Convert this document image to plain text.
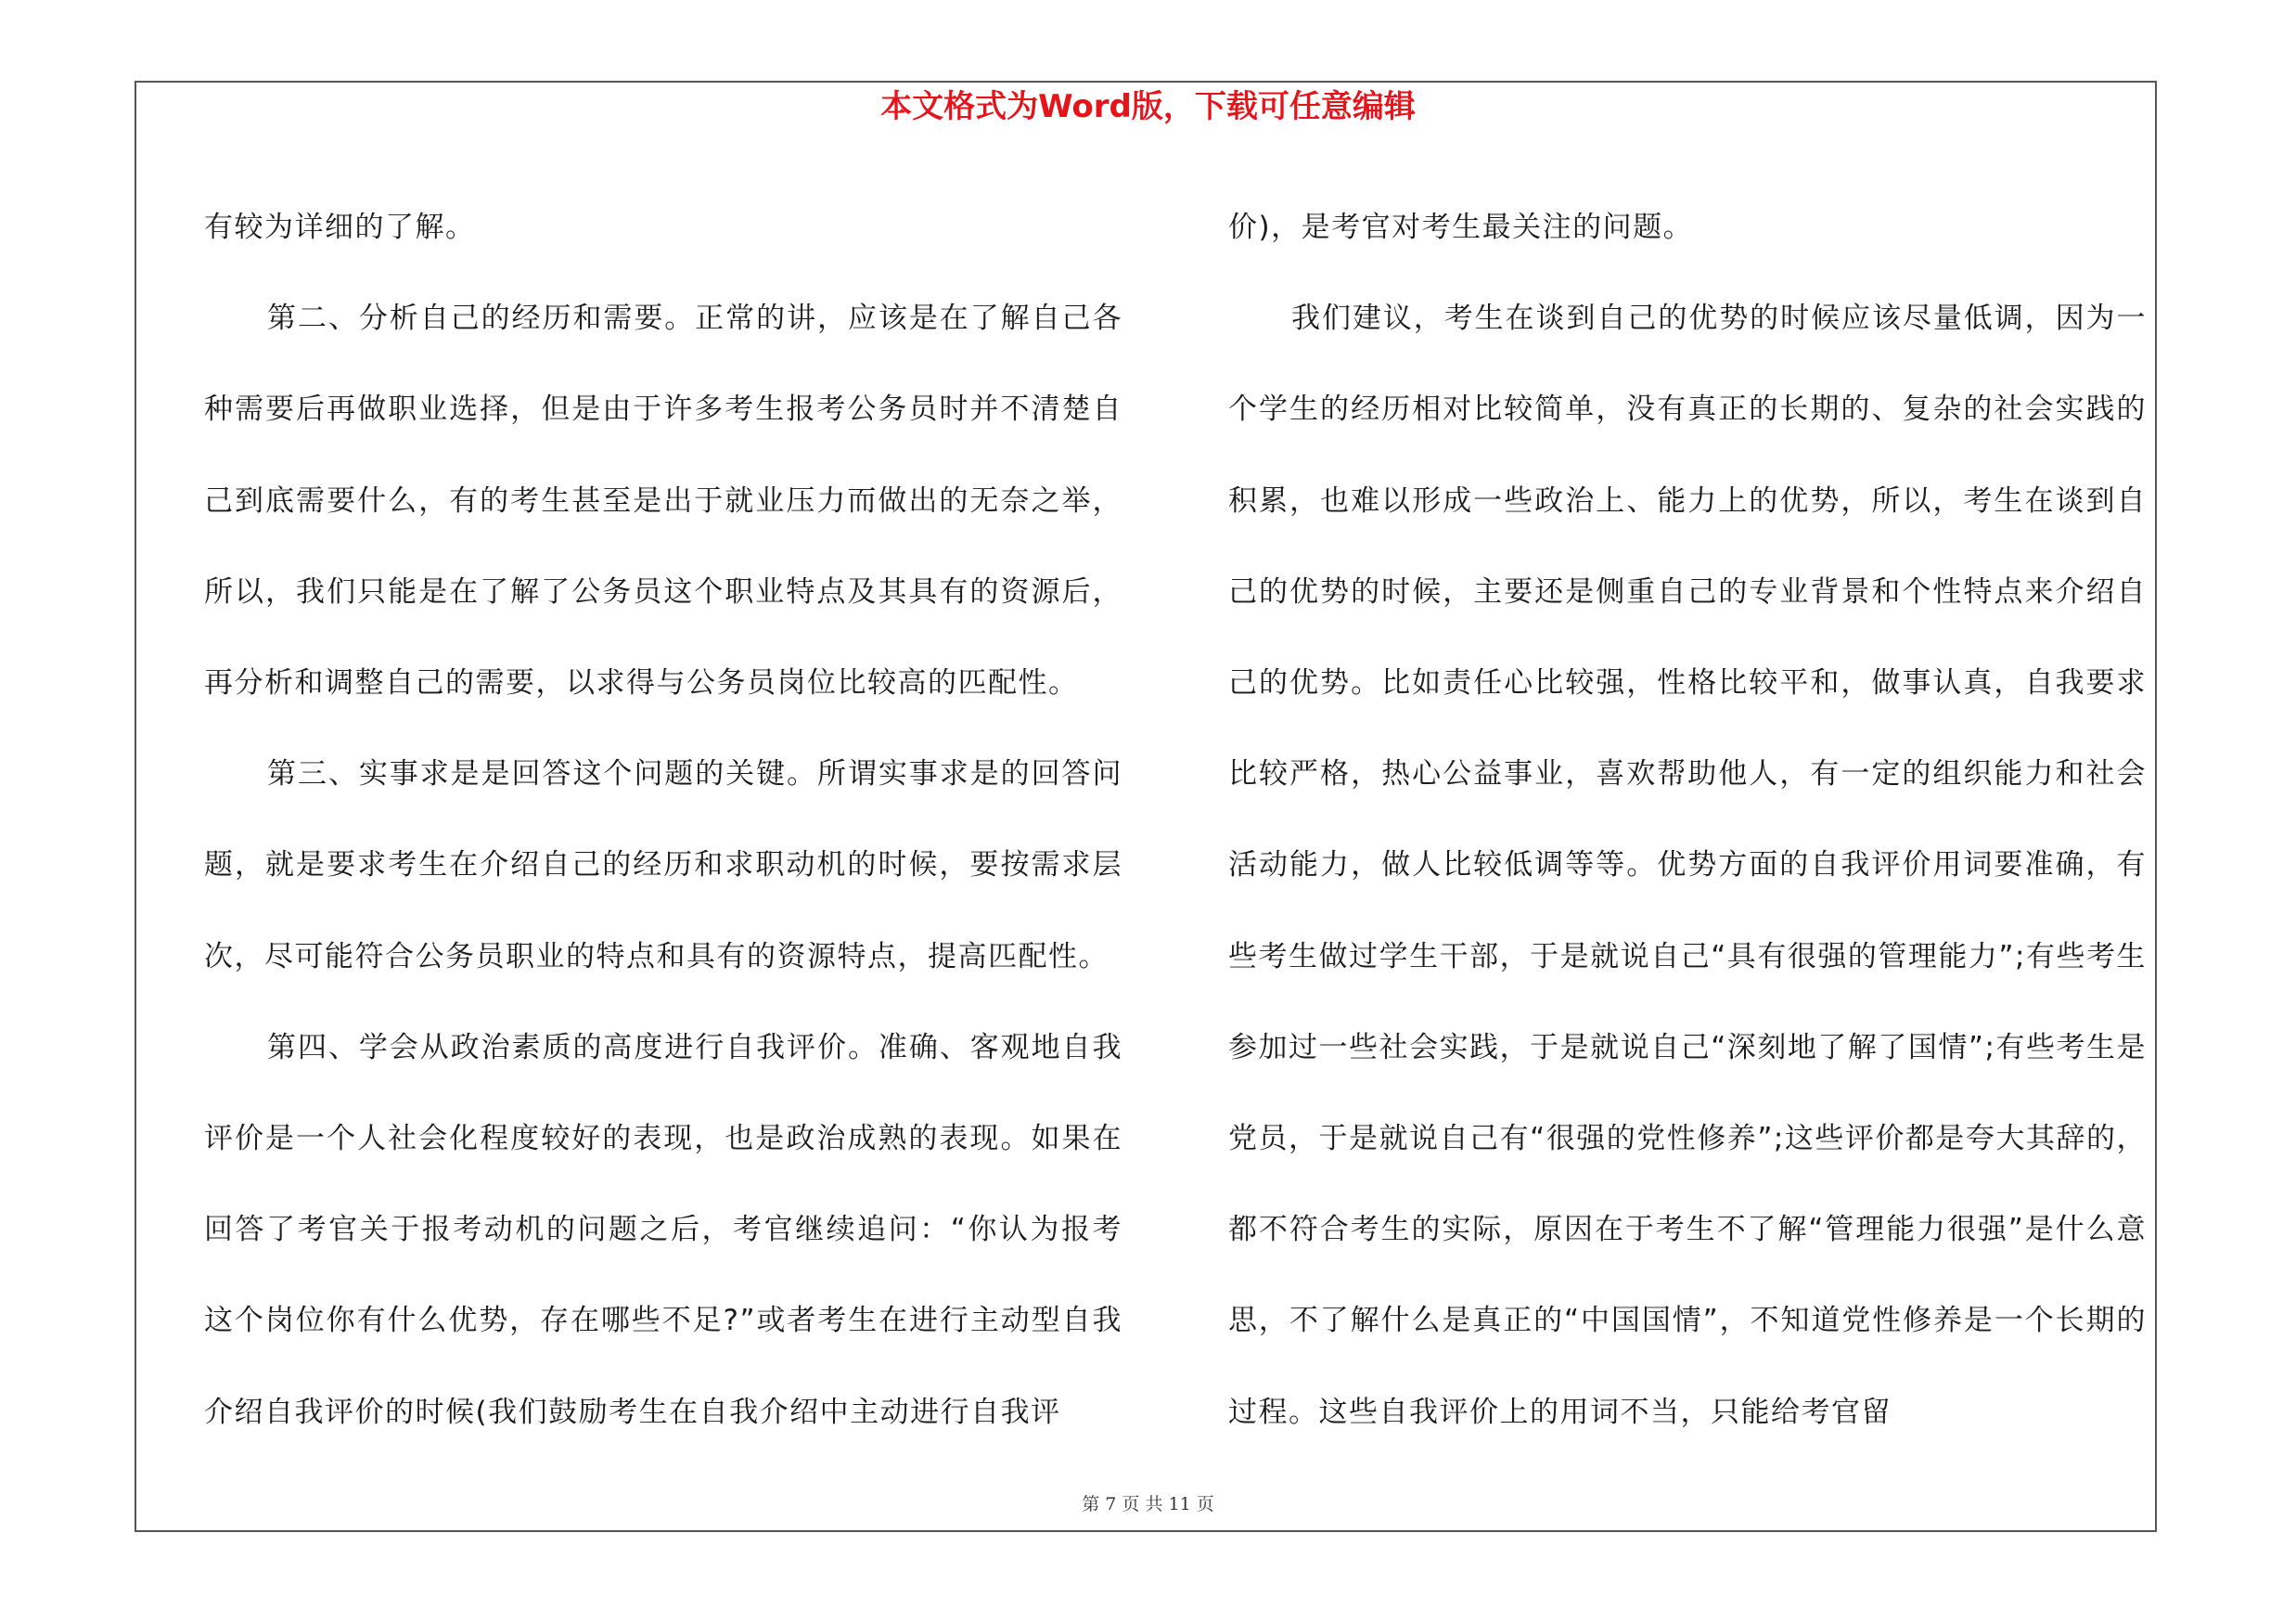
本文格式为Word版，下载可任意编辑

有较为详细的了解。

第二、分析自己的经历和需要。正常的讲，应该是在了解自己各种需要后再做职业选择，但是由于许多考生报考公务员时并不清楚自己到底需要什么，有的考生甚至是出于就业压力而做出的无奈之举，所以，我们只能是在了解了公务员这个职业特点及其具有的资源后，再分析和调整自己的需要，以求得与公务员岗位比较高的匹配性。

第三、实事求是是回答这个问题的关键。所谓实事求是的回答问题，就是要求考生在介绍自己的经历和求职动机的时候，要按需求层次，尽可能符合公务员职业的特点和具有的资源特点，提高匹配性。

第四、学会从政治素质的高度进行自我评价。准确、客观地自我评价是一个人社会化程度较好的表现，也是政治成熟的表现。如果在回答了考官关于报考动机的问题之后，考官继续追问：“你认为报考这个岗位你有什么优势，存在哪些不足?”或者考生在进行主动型自我介绍自我评价的时候(我们鼓励考生在自我介绍中主动进行自我评

价)，是考官对考生最关注的问题。

我们建议，考生在谈到自己的优势的时候应该尽量低调，因为一个学生的经历相对比较简单，没有真正的长期的、复杂的社会实践的积累，也难以形成一些政治上、能力上的优势，所以，考生在谈到自己的优势的时候，主要还是侧重自己的专业背景和个性特点来介绍自己的优势。比如责任心比较强，性格比较平和，做事认真，自我要求比较严格，热心公益事业，喜欢帮助他人，有一定的组织能力和社会活动能力，做人比较低调等等。优势方面的自我评价用词要准确，有些考生做过学生干部，于是就说自己“具有很强的管理能力”;有些考生参加过一些社会实践，于是就说自己“深刻地了解了国情”;有些考生是党员，于是就说自己有“很强的党性修养”;这些评价都是夸大其辞的，都不符合考生的实际，原因在于考生不了解“管理能力很强”是什么意思，不了解什么是真正的“中国国情”，不知道党性修养是一个长期的过程。这些自我评价上的用词不当，只能给考官留

第 7 页 共 11 页
